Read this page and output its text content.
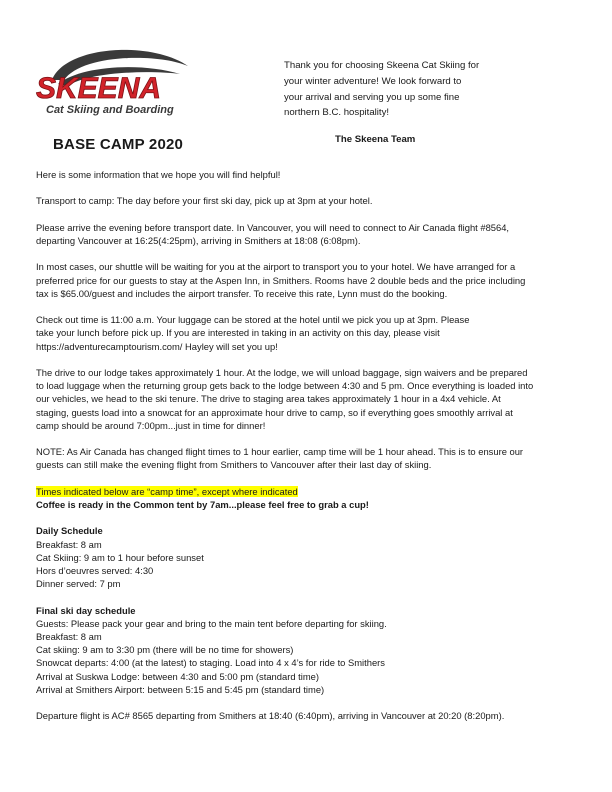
SKEENA
Cat Skiing and Boarding
Thank you for choosing Skeena Cat Skiing for
your winter adventure! We look forward to
your arrival and serving you up some fine
northern B.C. hospitality!
The Skeena Team
BASE CAMP 2020

Here is some information that we hope you will find helpful!

Transport to camp: The day before your first ski day, pick up at 3pm at your hotel.

Please arrive the evening before transport date. In Vancouver, you will need to connect to Air Canada flight #8564,
departing Vancouver at 16:25(4:25pm), arriving in Smithers at 18:08 (6:08pm).

In most cases, our shuttle will be waiting for you at the airport to transport you to your hotel. We have arranged for a
preferred price for our guests to stay at the Aspen Inn, in Smithers. Rooms have 2 double beds and the price including
tax is $65.00/guest and includes the airport transfer. To receive this rate, Lynn must do the booking.

Check out time is 11:00 a.m. Your luggage can be stored at the hotel until we pick you up at 3pm. Please
take your lunch before pick up. If you are interested in taking in an activity on this day, please visit
https://adventurecamptourism.com/ Hayley will set you up!

The drive to our lodge takes approximately 1 hour. At the lodge, we will unload baggage, sign waivers and be prepared
to load luggage when the returning group gets back to the lodge between 4:30 and 5 pm. Once everything is loaded into
our vehicles, we head to the ski tenure. The drive to staging area takes approximately 1 hour in a 4x4 vehicle. At
staging, guests load into a snowcat for an approximate hour drive to camp, so if everything goes smoothly arrival at
camp should be around 7:00pm...just in time for dinner!

NOTE: As Air Canada has changed flight times to 1 hour earlier, camp time will be 1 hour ahead. This is to ensure our
guests can still make the evening flight from Smithers to Vancouver after their last day of skiing.

Times indicated below are “camp time”, except where indicated

Coffee is ready in the Common tent by 7am...please feel free to grab a cup!

Daily Schedule

Breakfast: 8 am
Cat Skiing: 9 am to 1 hour before sunset
Hors d’oeuvres served: 4:30
Dinner served: 7 pm

Final ski day schedule

Guests: Please pack your gear and bring to the main tent before departing for skiing.
Breakfast: 8 am
Cat skiing: 9 am to 3:30 pm (there will be no time for showers)
Snowcat departs: 4:00 (at the latest) to staging. Load into 4 x 4’s for ride to Smithers
Arrival at Suskwa Lodge: between 4:30 and 5:00 pm (standard time)
Arrival at Smithers Airport: between 5:15 and 5:45 pm (standard time)

Departure flight is AC# 8565 departing from Smithers at 18:40 (6:40pm), arriving in Vancouver at 20:20 (8:20pm).
